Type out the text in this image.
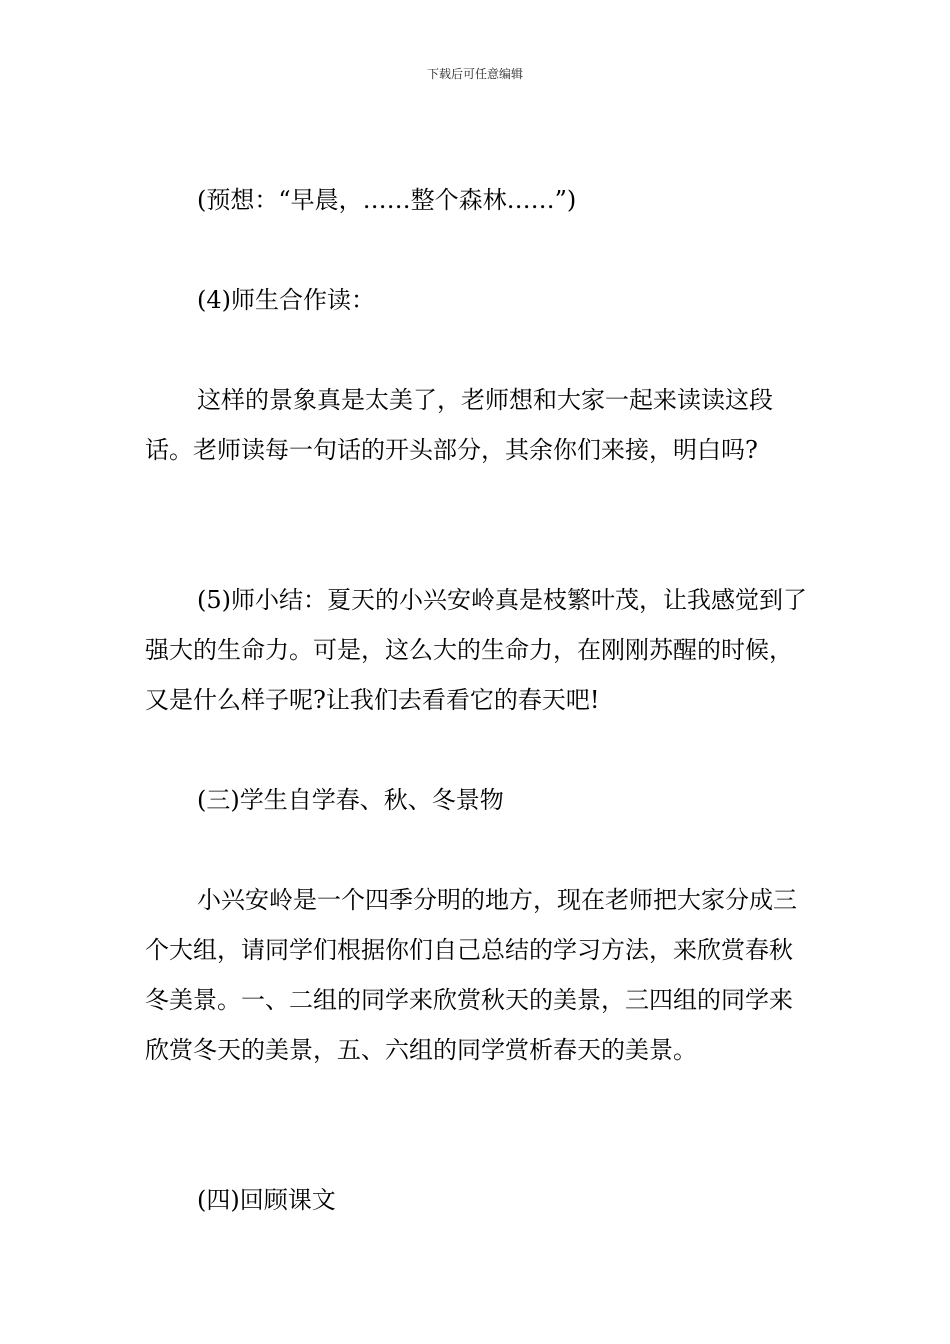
下载后可任意编辑

(预想：“早晨，……整个森林……”)

(4)师生合作读：

这样的景象真是太美了，老师想和大家一起来读读这段话。老师读每一句话的开头部分，其余你们来接，明白吗?

(5)师小结：夏天的小兴安岭真是枝繁叶茂，让我感觉到了强大的生命力。可是，这么大的生命力，在刚刚苏醒的时候，又是什么样子呢?让我们去看看它的春天吧!

(三)学生自学春、秋、冬景物

小兴安岭是一个四季分明的地方，现在老师把大家分成三个大组，请同学们根据你们自己总结的学习方法，来欣赏春秋冬美景。一、二组的同学来欣赏秋天的美景，三四组的同学来欣赏冬天的美景，五、六组的同学赏析春天的美景。

(四)回顾课文
